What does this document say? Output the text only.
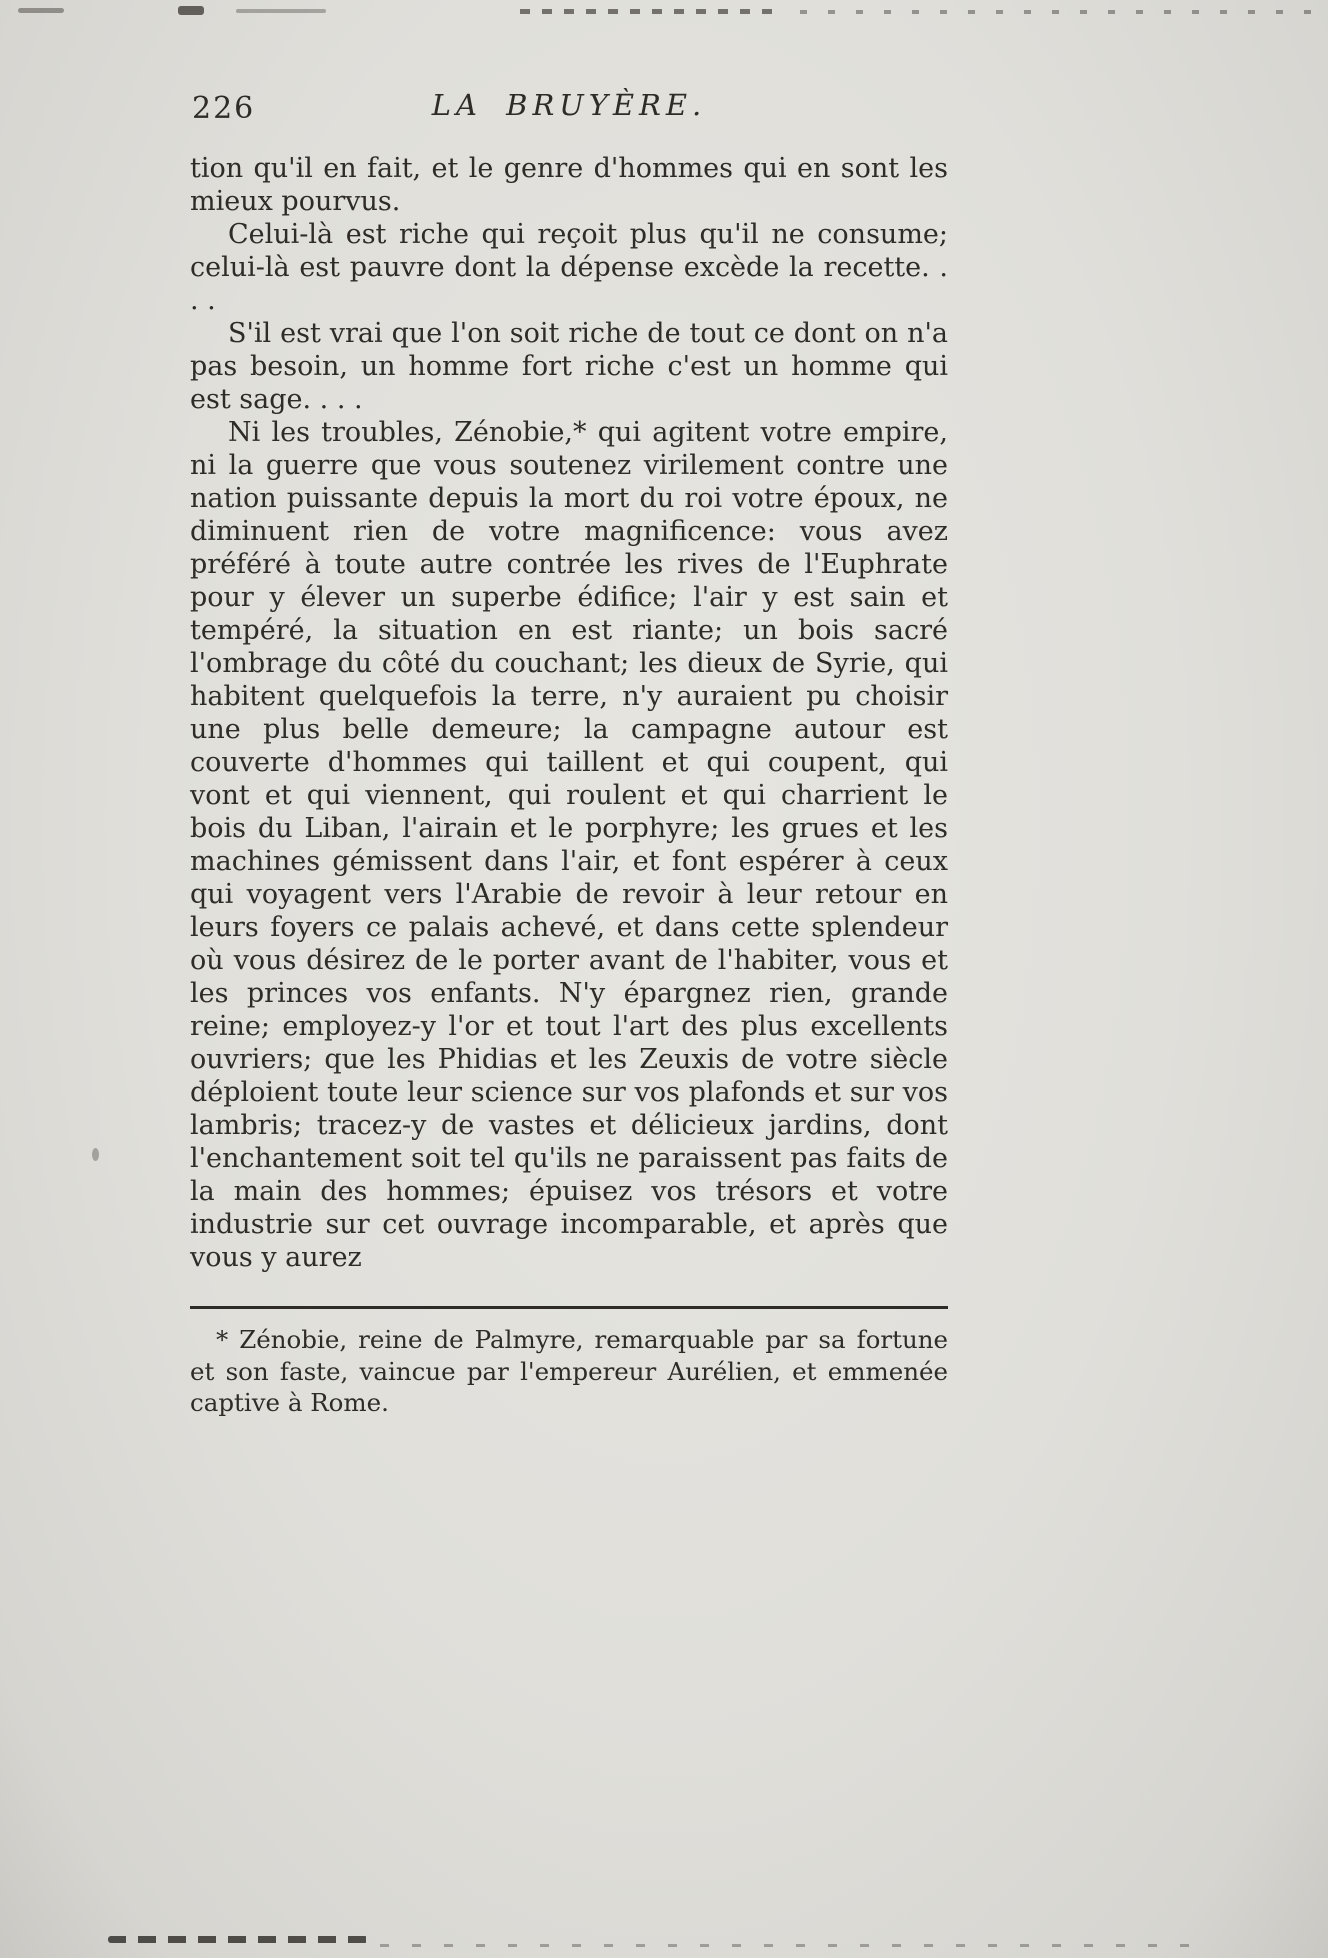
226	LA BRUYÈRE.

tion qu'il en fait, et le genre d'hommes qui en sont les mieux pourvus.

Celui-là est riche qui reçoit plus qu'il ne consume; celui-là est pauvre dont la dépense excède la recette. . . .

S'il est vrai que l'on soit riche de tout ce dont on n'a pas besoin, un homme fort riche c'est un homme qui est sage. . . .

Ni les troubles, Zénobie,* qui agitent votre empire, ni la guerre que vous soutenez virilement contre une nation puissante depuis la mort du roi votre époux, ne diminuent rien de votre magnificence: vous avez préféré à toute autre contrée les rives de l'Euphrate pour y élever un superbe édifice; l'air y est sain et tempéré, la situation en est riante; un bois sacré l'ombrage du côté du couchant; les dieux de Syrie, qui habitent quelquefois la terre, n'y auraient pu choisir une plus belle demeure; la campagne autour est couverte d'hommes qui taillent et qui coupent, qui vont et qui viennent, qui roulent et qui charrient le bois du Liban, l'airain et le porphyre; les grues et les machines gémissent dans l'air, et font espérer à ceux qui voyagent vers l'Arabie de revoir à leur retour en leurs foyers ce palais achevé, et dans cette splendeur où vous désirez de le porter avant de l'habiter, vous et les princes vos enfants. N'y épargnez rien, grande reine; employez-y l'or et tout l'art des plus excellents ouvriers; que les Phidias et les Zeuxis de votre siècle déploient toute leur science sur vos plafonds et sur vos lambris; tracez-y de vastes et délicieux jardins, dont l'enchantement soit tel qu'ils ne paraissent pas faits de la main des hommes; épuisez vos trésors et votre industrie sur cet ouvrage incomparable, et après que vous y aurez

* Zénobie, reine de Palmyre, remarquable par sa fortune et son faste, vaincue par l'empereur Aurélien, et emmenée captive à Rome.
